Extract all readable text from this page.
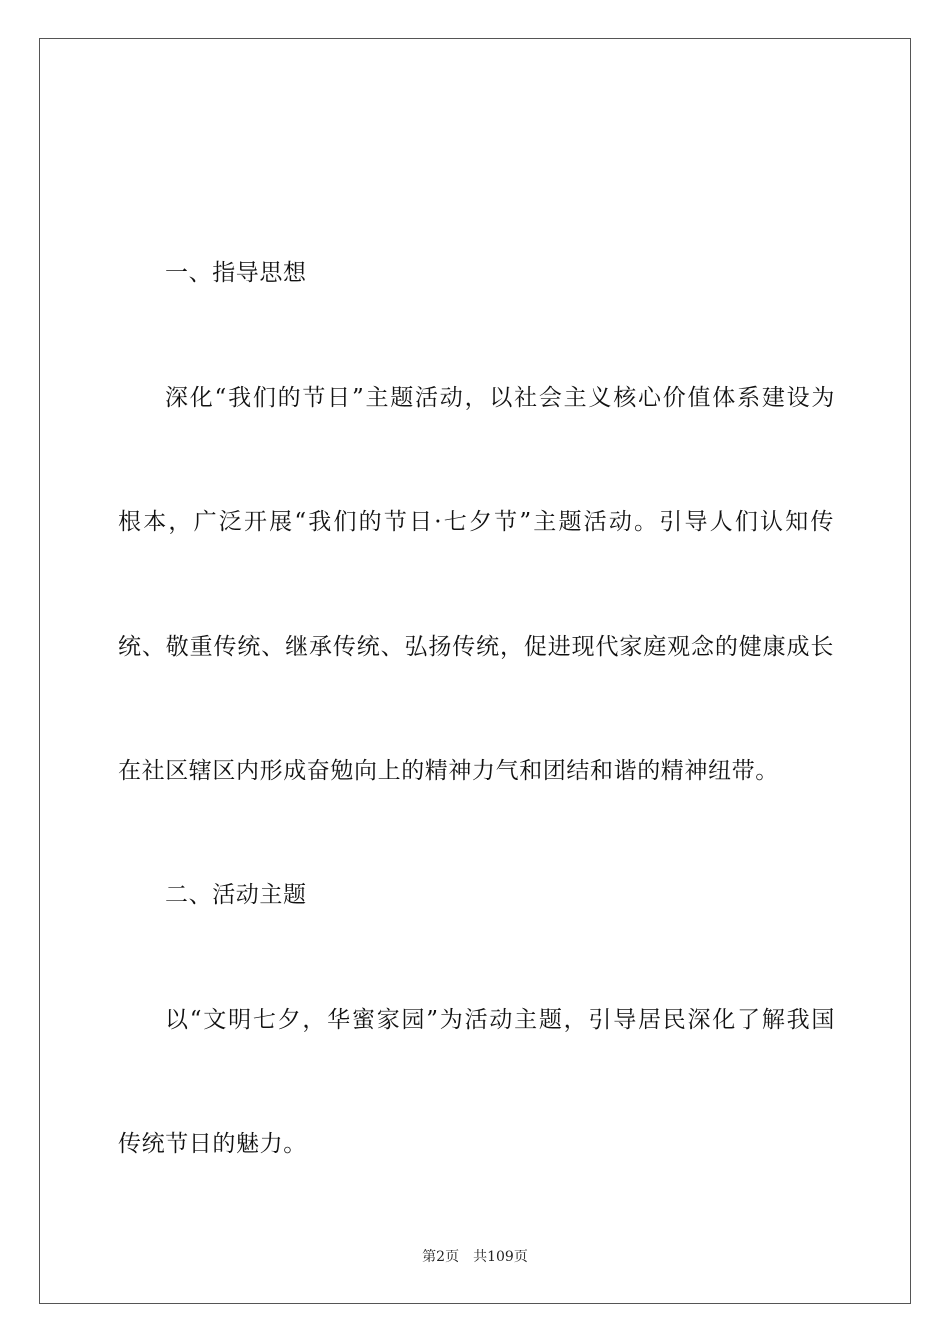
一、指导思想
深化“我们的节日”主题活动，以社会主义核心价值体系建设为
根本，广泛开展“我们的节日·七夕节”主题活动。引导人们认知传
统、敬重传统、继承传统、弘扬传统，促进现代家庭观念的健康成长
在社区辖区内形成奋勉向上的精神力气和团结和谐的精神纽带。
二、活动主题
以“文明七夕，华蜜家园”为活动主题，引导居民深化了解我国
传统节日的魅力。
第2页 共109页
